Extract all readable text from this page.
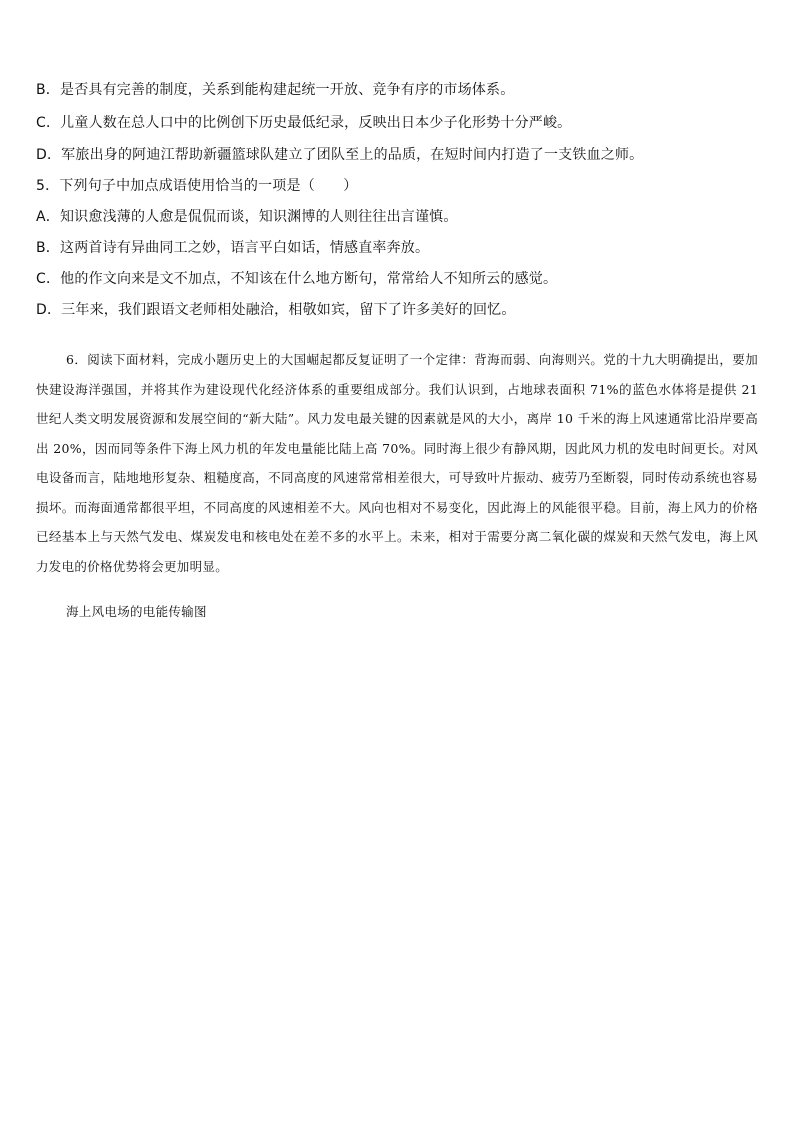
B．是否具有完善的制度，关系到能构建起统一开放、竞争有序的市场体系。
C．儿童人数在总人口中的比例创下历史最低纪录，反映出日本少子化形势十分严峻。
D．军旅出身的阿迪江帮助新疆篮球队建立了团队至上的品质，在短时间内打造了一支铁血之师。
5．下列句子中加点成语使用恰当的一项是（　　）
A．知识愈浅薄的人愈是侃侃而谈，知识渊博的人则往往出言谨慎。
B．这两首诗有异曲同工之妙，语言平白如话，情感直率奔放。
C．他的作文向来是文不加点，不知该在什么地方断句，常常给人不知所云的感觉。
D．三年来，我们跟语文老师相处融洽，相敬如宾，留下了许多美好的回忆。
6．阅读下面材料，完成小题历史上的大国崛起都反复证明了一个定律：背海而弱、向海则兴。党的十九大明确提出，要加快建设海洋强国，并将其作为建设现代化经济体系的重要组成部分。我们认识到，占地球表面积 71%的蓝色水体将是提供 21 世纪人类文明发展资源和发展空间的“新大陆”。风力发电最关键的因素就是风的大小，离岸 10 千米的海上风速通常比沿岸要高出 20%，因而同等条件下海上风力机的年发电量能比陆上高 70%。同时海上很少有静风期，因此风力机的发电时间更长。对风电设备而言，陆地地形复杂、粗糙度高，不同高度的风速常常相差很大，可导致叶片振动、疲劳乃至断裂，同时传动系统也容易损坏。而海面通常都很平坦，不同高度的风速相差不大。风向也相对不易变化，因此海上的风能很平稳。目前，海上风力的价格已经基本上与天然气发电、煤炭发电和核电处在差不多的水平上。未来，相对于需要分离二氧化碳的煤炭和天然气发电，海上风力发电的价格优势将会更加明显。
海上风电场的电能传输图
